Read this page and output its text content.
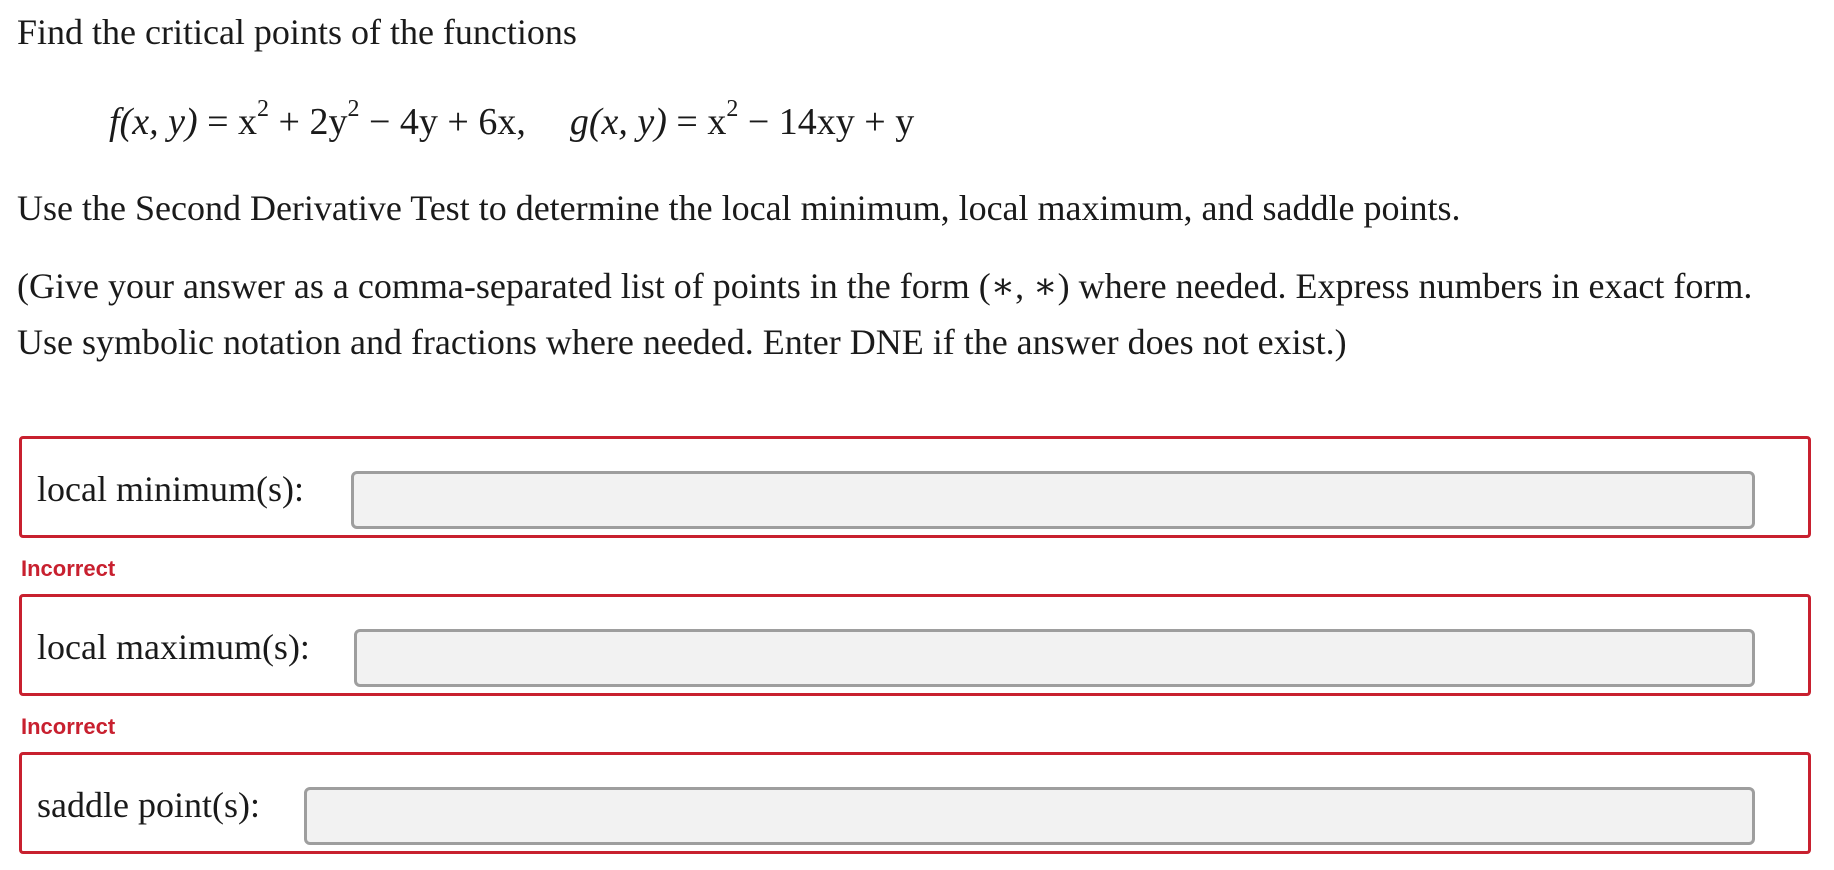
Find the critical points of the functions
f(x, $y) = x^2 + 2y^2 - 4y + 6x$, g(x, $y) = x^2 - 14xy + y$
Use the Second Derivative Test to determine the local minimum, local maximum, and saddle points.
(Give your answer as a comma-separated list of points in the form (∗, ∗) where needed. Express numbers in exact form. Use symbolic notation and fractions where needed. Enter DNE if the answer does not exist.)
local minimum(s):
Incorrect
local maximum(s):
Incorrect
saddle point(s):
